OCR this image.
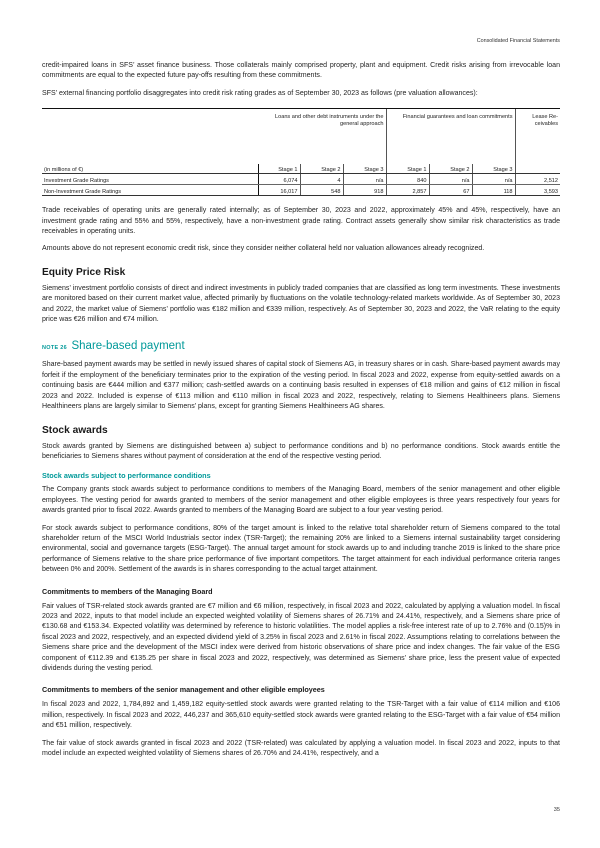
Consolidated Financial Statements

credit-impaired loans in SFS’ asset finance business. Those collaterals mainly comprised property, plant and equipment. Credit risks arising from irrevocable loan commitments are equal to the expected future pay-offs resulting from these commitments.

SFS’ external financing portfolio disaggregates into credit risk rating grades as of September 30, 2023 as follows (pre valuation allowances):

	Loans and other debt instruments under the general approach			Financial guarantees and loan commitments			Lease Re-ceivables
(in millions of €)	Stage 1	Stage 2	Stage 3	Stage 1	Stage 2	Stage 3	
Investment Grade Ratings	6,074	4	n/a	840	n/a	n/a	2,512
Non-Investment Grade Ratings	16,017	548	918	2,857	67	118	3,593

Trade receivables of operating units are generally rated internally; as of September 30, 2023 and 2022, approximately 45% and 45%, respectively, have an investment grade rating and 55% and 55%, respectively, have a non-investment grade rating. Contract assets generally show similar risk characteristics as trade receivables in operating units.

Amounts above do not represent economic credit risk, since they consider neither collateral held nor valuation allowances already recognized.

Equity Price Risk

Siemens’ investment portfolio consists of direct and indirect investments in publicly traded companies that are classified as long term investments. These investments are monitored based on their current market value, affected primarily by fluctuations on the volatile technology-related markets worldwide. As of September 30, 2023 and 2022, the market value of Siemens’ portfolio was €182 million and €339 million, respectively. As of September 30, 2023 and 2022, the VaR relating to the equity price was €26 million and €74 million.

NOTE 26 Share-based payment

Share-based payment awards may be settled in newly issued shares of capital stock of Siemens AG, in treasury shares or in cash. Share-based payment awards may forfeit if the employment of the beneficiary terminates prior to the expiration of the vesting period. In fiscal 2023 and 2022, expense from equity-settled awards on a continuing basis are €444 million and €377 million; cash-settled awards on a continuing basis resulted in expenses of €18 million and gains of €12 million in fiscal 2023 and 2022. Included is expense of €113 million and €110 million in fiscal 2023 and 2022, respectively, relating to Siemens Healthineers plans. Siemens Healthineers plans are largely similar to Siemens’ plans, except for granting Siemens Healthineers AG shares.

Stock awards

Stock awards granted by Siemens are distinguished between a) subject to performance conditions and b) no performance conditions. Stock awards entitle the beneficiaries to Siemens shares without payment of consideration at the end of the respective vesting period.

Stock awards subject to performance conditions

The Company grants stock awards subject to performance conditions to members of the Managing Board, members of the senior management and other eligible employees. The vesting period for awards granted to members of the senior management and other eligible employees is three years respectively four years for awards granted prior to fiscal 2022. Awards granted to members of the Managing Board are subject to a four year vesting period.

For stock awards subject to performance conditions, 80% of the target amount is linked to the relative total shareholder return of Siemens compared to the total shareholder return of the MSCI World Industrials sector index (TSR-Target); the remaining 20% are linked to a Siemens internal sustainability target considering environmental, social and governance targets (ESG-Target). The annual target amount for stock awards up to and including tranche 2019 is linked to the share price performance of Siemens relative to the share price performance of five important competitors. The target attainment for each individual performance criteria ranges between 0% and 200%. Settlement of the awards is in shares corresponding to the actual target attainment.

Commitments to members of the Managing Board

Fair values of TSR-related stock awards granted are €7 million and €6 million, respectively, in fiscal 2023 and 2022, calculated by applying a valuation model. In fiscal 2023 and 2022, inputs to that model include an expected weighted volatility of Siemens shares of 26.71% and 24.41%, respectively, and a Siemens share price of €130.68 and €153.34. Expected volatility was determined by reference to historic volatilities. The model applies a risk-free interest rate of up to 2.76% and (0.15)% in fiscal 2023 and 2022, respectively, and an expected dividend yield of 3.25% in fiscal 2023 and 2.61% in fiscal 2022. Assumptions relating to correlations between the Siemens share price and the development of the MSCI index were derived from historic observations of share price and index changes. The fair value of the ESG component of €112.39 and €135.25 per share in fiscal 2023 and 2022, respectively, was determined as Siemens’ share price, less the present value of expected dividends during the vesting period.

Commitments to members of the senior management and other eligible employees

In fiscal 2023 and 2022, 1,784,892 and 1,459,182 equity-settled stock awards were granted relating to the TSR-Target with a fair value of €114 million and €106 million, respectively. In fiscal 2023 and 2022, 446,237 and 365,610 equity-settled stock awards were granted relating to the ESG-Target with a fair value of €54 million and €51 million, respectively.

The fair value of stock awards granted in fiscal 2023 and 2022 (TSR-related) was calculated by applying a valuation model. In fiscal 2023 and 2022, inputs to that model include an expected weighted volatility of Siemens shares of 26.70% and 24.41%, respectively, and a

35
